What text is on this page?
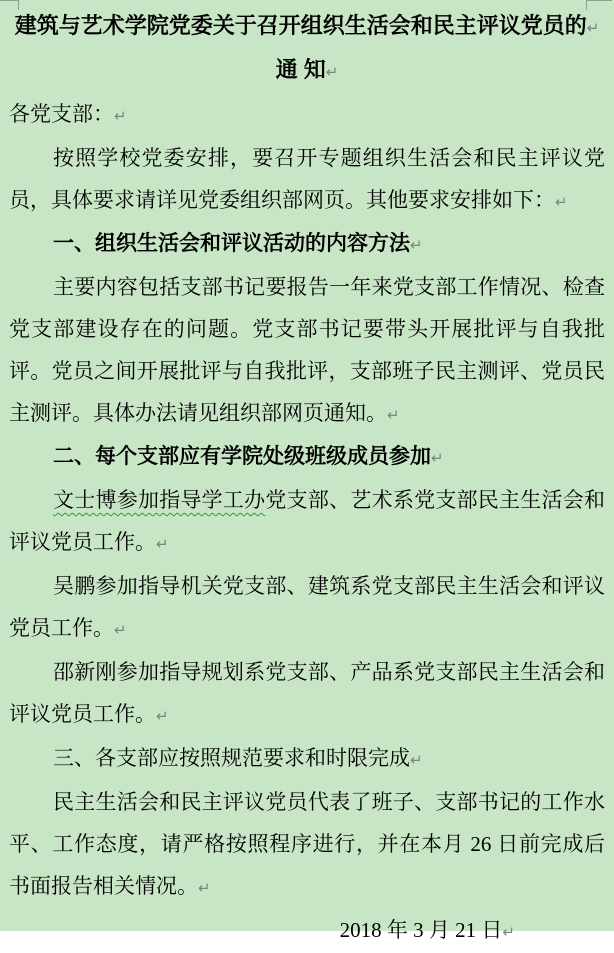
建筑与艺术学院党委关于召开组织生活会和民主评议党员的↵

通 知↵

各党支部：↵

按照学校党委安排，要召开专题组织生活会和民主评议党员，具体要求请详见党委组织部网页。其他要求安排如下：↵

一、组织生活会和评议活动的内容方法↵

主要内容包括支部书记要报告一年来党支部工作情况、检查党支部建设存在的问题。党支部书记要带头开展批评与自我批评。党员之间开展批评与自我批评，支部班子民主测评、党员民主测评。具体办法请见组织部网页通知。↵

二、每个支部应有学院处级班级成员参加↵

文士博参加指导学工办党支部、艺术系党支部民主生活会和评议党员工作。↵

吴鹏参加指导机关党支部、建筑系党支部民主生活会和评议党员工作。↵

邵新刚参加指导规划系党支部、产品系党支部民主生活会和评议党员工作。↵

三、各支部应按照规范要求和时限完成↵

民主生活会和民主评议党员代表了班子、支部书记的工作水平、工作态度，请严格按照程序进行，并在本月 26 日前完成后书面报告相关情况。↵

2018 年 3 月 21 日↵
